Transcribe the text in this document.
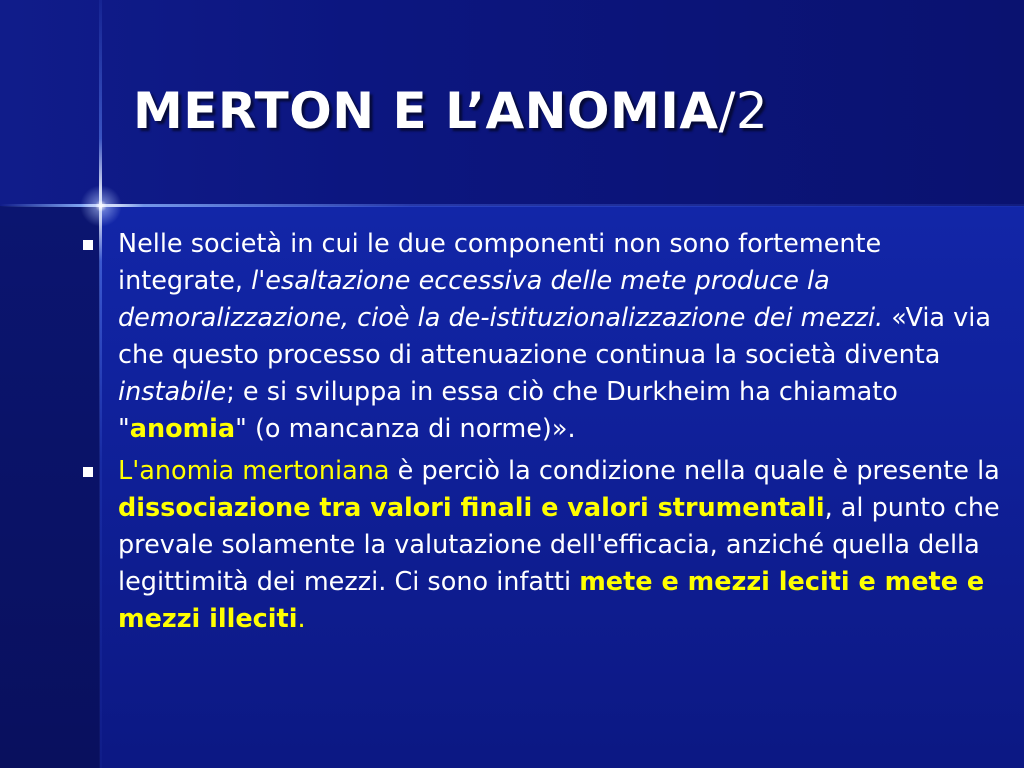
MERTON E L’ANOMIA/2
Nelle società in cui le due componenti non sono fortemente integrate, l'esaltazione eccessiva delle mete produce la demoralizzazione, cioè la de-istituzionalizzazione dei mezzi. «Via via che questo processo di attenuazione continua la società diventa instabile; e si sviluppa in essa ciò che Durkheim ha chiamato "anomia" (o mancanza di norme)».
L'anomia mertoniana è perciò la condizione nella quale è presente la dissociazione tra valori finali e valori strumentali, al punto che prevale solamente la valutazione dell'efficacia, anziché quella della legittimità dei mezzi. Ci sono infatti mete e mezzi leciti e mete e mezzi illeciti.
